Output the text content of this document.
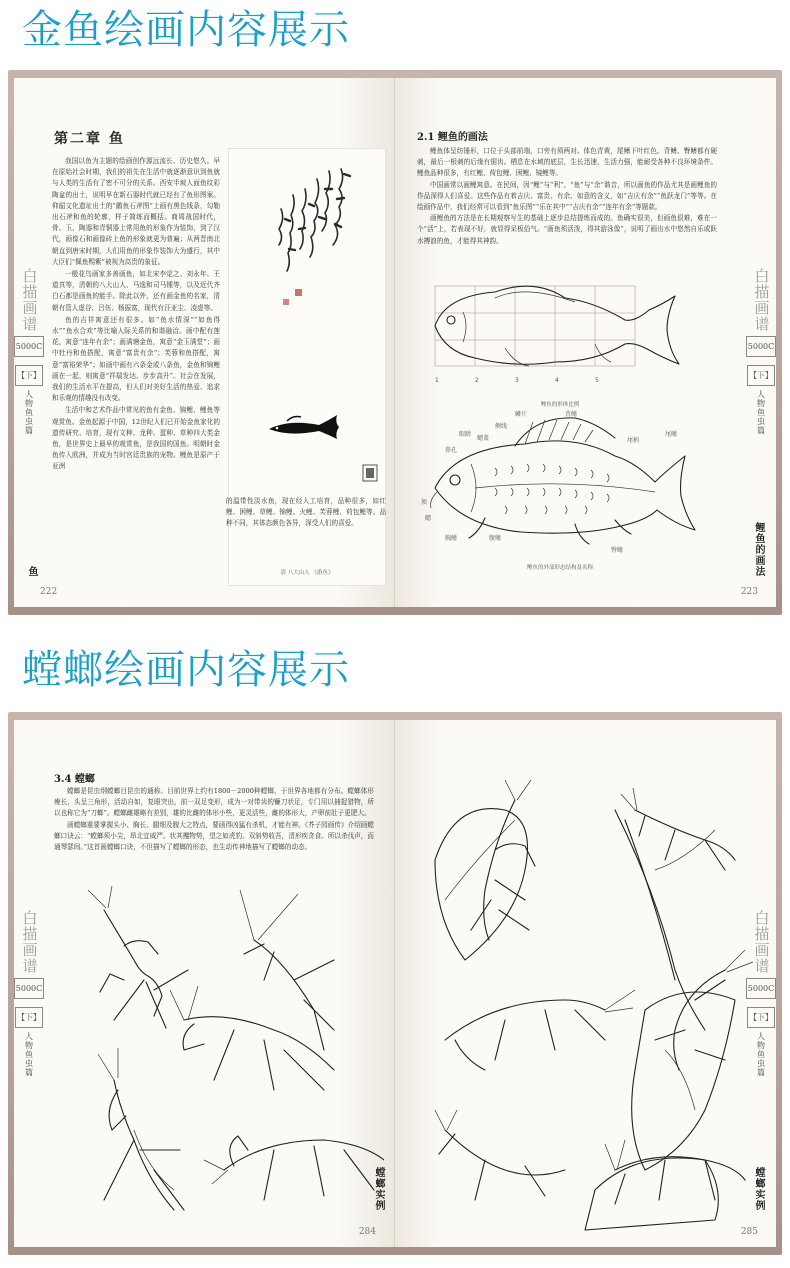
金鱼绘画内容展示
白描画谱
5000C
【下】
人物鱼虫篇
第二章 鱼

我国以鱼为主题的绘画创作源远流长、历史悠久。早在原始社会时期，我们的祖先在生活中就逐渐意识到鱼就与人类的生活有了密不可分的关系。西安半坡人面鱼纹彩陶盆的出土，说明早在新石器时代就已经有了鱼形图案。仰韶文化遗址出土的“鹳鱼石斧图”上画有黑色线条，勾勒出石斧和鱼的轮廓，样子简练而概括。商周战国时代，骨、玉、陶器和青铜器上常用鱼的形象作为装饰，到了汉代，画像石和画像砖上鱼的形象就更为普遍；从两晋南北朝直到唐宋时期，人们用鱼的形象作装饰大为盛行，其中大臣们“佩鱼赐紫”被视为高贵的象征。

一般花鸟画家多善画鱼，如北宋李觉之、刘永年、王道真等，清朝的八大山人、马逸和司马锺等，以及近代齐白石都是画鱼的能手。除此以外，还有画金鱼的名家，清朝有管人虚谷、吕伍、杨振富，现代有汪亚尘、凌虚等。

鱼的吉祥寓意还有很多。如“鱼水情深”“如鱼得水”“鱼水合欢”等比喻人际关系的和谐融洽。画中配有莲花，寓意“连年有余”；画满塘金鱼，寓意“金玉满堂”；画中牡丹和鱼搭配，寓意“富贵有余”；芙蓉和鱼搭配，寓意“富裕荣华”；如画中画有六条金或八条鱼，金鱼和锦鲤画在一起，则寓意“祥瑞发达、步步高升”。社会在发展，我们的生活水平在提高，但人们对美好生活的热爱、追求和乐观的情趣没有改变。

生活中和艺术作品中常见的鱼有金鱼、锦鲤、鲤鱼等观赏鱼。金鱼起源于中国，12世纪人们已开始金鱼家化的遗传研究、培育，现有文种、龙种、蛋种、草种四大类金鱼，是世界史上最早的观赏鱼，是我国的国鱼。明朝时金鱼传入欧洲，并成为当时宫廷贵族的宠物。鲤鱼是原产于亚洲

清 八大山人 《游鱼》

的温带性淡水鱼，现在经人工培育，品种很多，如红鲤、困鲤、草鲤、锦鲤、火鲤、芙蓉鲤、荷包鲤等。品种不同，其体态颜色各异，深受人们的喜爱。

鱼
222
白描画谱
5000C
【下】
人物鱼虫篇
2.1 鲤鱼的画法

鲤鱼体呈纺锤形，口位于头部前端，口旁有须两对。体色青黄，尾鳍下叶红色。背鳍、臀鳍都有硬刺，最后一根刺的后缘有锯齿。栖息在水域的底层，生长迅速，生活力强，能耐受各种不良环境条件。鲤鱼品种很多，有红鲤、荷包鲤、困鲤、镜鲤等。

中国画常以画鲤寓意。在民间，因“鲤”与“利”、“鱼”与“余”谐音，所以画鱼的作品尤其是画鲤鱼的作品深得人们喜爱。这些作品有着吉庆、富贵、有余、如意的含义，如“吉庆有余”“鱼跃龙门”等等。在绘画作品中，我们经常可以看到“鱼乐图”“乐在其中”“吉庆有余”“连年有余”等题款。

画鲤鱼的方法是在长期观察写生的基础上逐步总结提炼而成的。鱼确实很美，但画鱼很难，难在一个“活”上，若表现不好，就显得呆板俗气。“画鱼须活泼，得其游泳像”，说明了画出水中悠然自乐或跃水搏浪的鱼，才能得其神韵。

1	2	3	4	5
鲤鱼的形体比例
眼睛
鼻孔
鳃盖
侧线
鳞片	背鳍
尾柄
尾鳍
腹鳍
胸鳍
臀鳍
鳃
须
鲤鱼的外部形态结构及名称	鲤鱼的画法
223
螳螂绘画内容展示
白描画谱
5000C
【下】
人物鱼虫篇
3.4 螳螂

螳螂是昆虫纲螳螂目昆虫的通称。目前世界上约有1800－2000种螳螂，于世界各地都有分布。螳螂体形瘦长，头呈三角形，活动自如，复眼突出，前一双足变形，成为一对带齿的镰刀状足，专门用以捕捉猎物，所以也称它为“刀螂”。螳螂雌雄略有差别，雄的比雌的体形小些，更灵活些，雌的体形大，产卵前肚子更肥大。

画螳螂重要掌握头小、胸长、腿细及腹大之特点，要画得凶猛有杀机，才能有神。《芥子园画传》介绍画螳螂口诀云：“螳螂须小尖，昂北宜威严。状其攫物势，望之如虎豹。双斜势收吾，清形疾贪食。所以杀伐声，而通琴瑟间。”这首画螳螂口诀，不但描写了螳螂的形态，也生动传神地描写了螳螂的动态。

螳螂实例
284
白描画谱
5000C
【下】
人物鱼虫篇
螳螂实例
285
